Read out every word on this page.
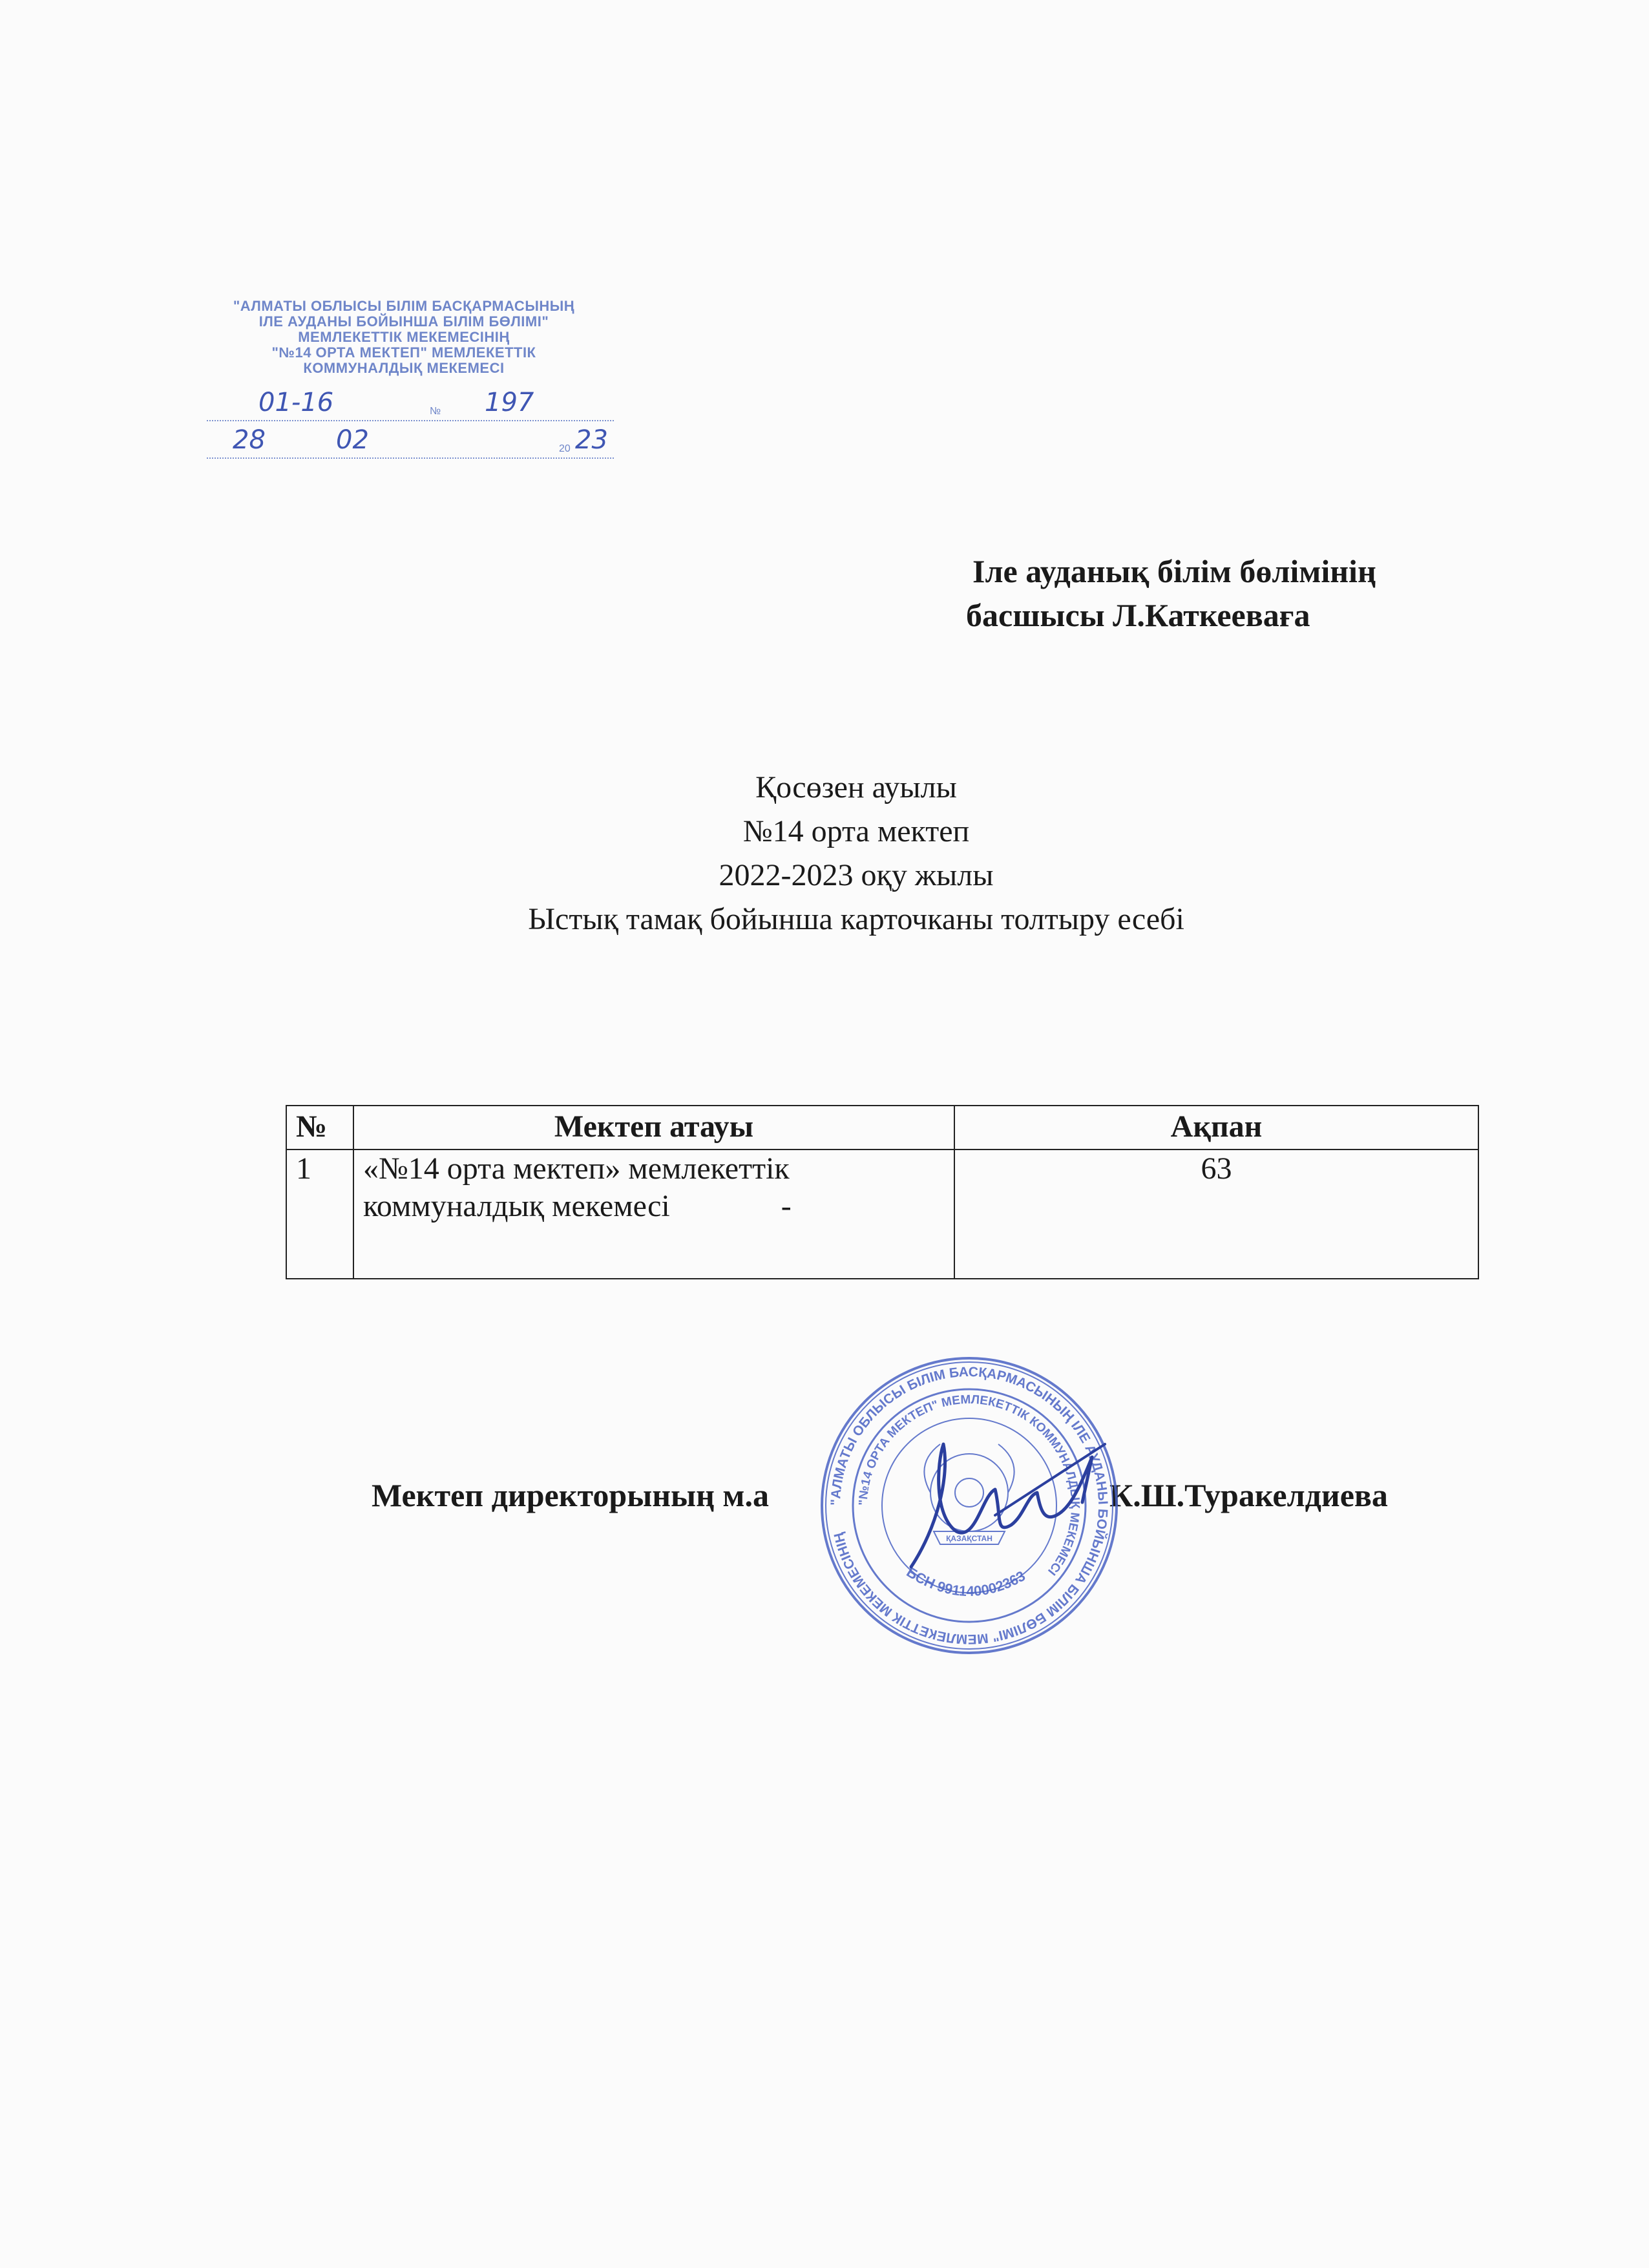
"АЛМАТЫ ОБЛЫСЫ БІЛІМ БАСҚАРМАСЫНЫҢ
ІЛЕ АУДАНЫ БОЙЫНША БІЛІМ БӨЛІМІ"
МЕМЛЕКЕТТІК МЕКЕМЕСІНІҢ
"№14 ОРТА МЕКТЕП" МЕМЛЕКЕТТІК
КОММУНАЛДЫҚ МЕКЕМЕСІ
01-16	№ 197
28	02	20 23
Іле ауданық білім бөлімінің
басшысы Л.Каткееваға
Қосөзен ауылы
№14 орта мектеп
2022-2023 оқу жылы
Ыстық тамақ бойынша карточканы толтыру есебі
№	Мектеп атауы	Ақпан
1	«№14 орта мектеп» мемлекеттік
коммуналдық мекемесі -	63
Мектеп директорының м.а	К.Ш.Туракелдиева
"АЛМАТЫ ОБЛЫСЫ БІЛІМ БАСҚАРМАСЫНЫҢ ІЛЕ АУДАНЫ БОЙЫНША БІЛІМ БӨЛІМІ" МЕМЛЕКЕТТІК МЕКЕМЕСІНІҢ
"№14 ОРТА МЕКТЕП" МЕМЛЕКЕТТІК КОММУНАЛДЫҚ МЕКЕМЕСІ
БСН 991140002363
ҚАЗАҚСТАН
